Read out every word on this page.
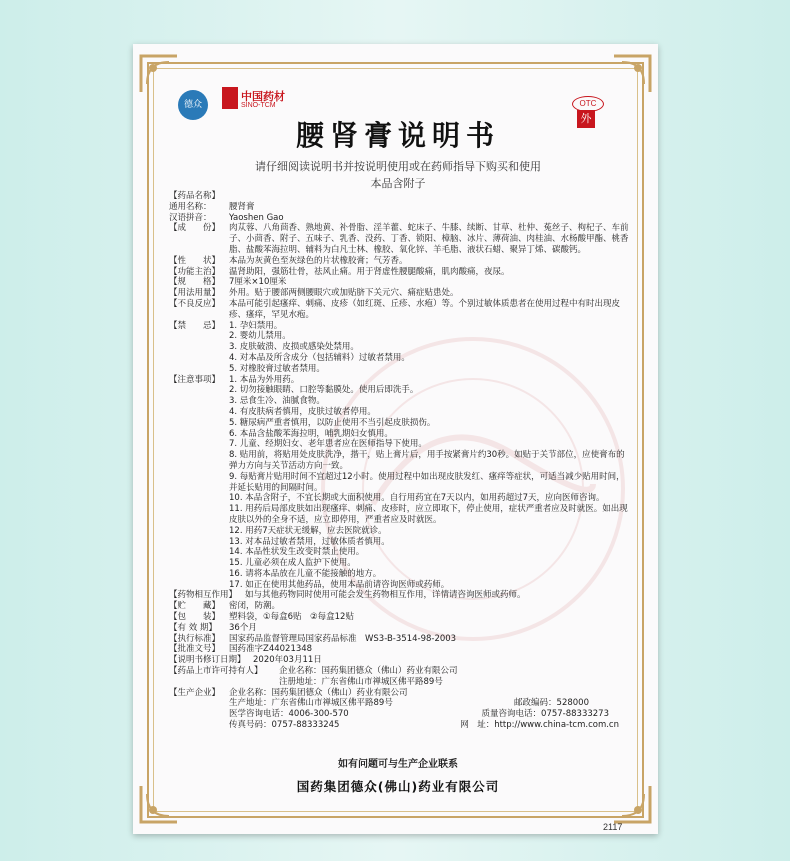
德众
中国药材
SINO-TCM	OTC
外
腰肾膏说明书
请仔细阅读说明书并按说明使用或在药师指导下购买和使用
本品含附子
【药品名称】
通用名称：	腰肾膏
汉语拼音：	Yaoshen Gao
【成　　份】	肉苁蓉、八角茴香、熟地黄、补骨脂、淫羊藿、蛇床子、牛膝、续断、甘草、杜仲、菟丝子、枸杞子、车前子、小茴香、附子、五味子、乳香、没药、丁香、锁阳、樟脑、冰片、薄荷油、肉桂油、水杨酸甲酯、桃香脂、盐酸苯海拉明、辅料为白凡士林、橡胶、氧化锌、羊毛脂、液状石蜡、聚异丁烯、碳酸钙。
【性　　状】	本品为灰黄色至灰绿色的片状橡胶膏；气芳香。
【功能主治】	温肾助阳，强筋壮骨，祛风止痛。用于肾虚性腰腿酸痛，肌肉酸痛，夜尿。
【规　　格】	7厘米×10厘米
【用法用量】	外用。贴于腰部两侧腰眼穴或加贴脐下关元穴、痛症贴患处。
【不良反应】	本品可能引起瘙痒、刺痛、皮疹（如红斑、丘疹、水疱）等。个别过敏体质患者在使用过程中有时出现皮疹、瘙痒，罕见水疱。
【禁　　忌】	1. 孕妇禁用。
2. 婴幼儿禁用。
3. 皮肤破溃、皮损或感染处禁用。
4. 对本品及所含成分（包括辅料）过敏者禁用。
5. 对橡胶膏过敏者禁用。
【注意事项】	1. 本品为外用药。
2. 切勿接触眼睛、口腔等黏膜处。使用后即洗手。
3. 忌食生冷、油腻食物。
4. 有皮肤病者慎用，皮肤过敏者停用。
5. 糖尿病严重者慎用，以防止使用不当引起皮肤损伤。
6. 本品含盐酸苯海拉明，哺乳期妇女慎用。
7. 儿童、经期妇女、老年患者应在医师指导下使用。
8. 贴用前，将贴用处皮肤洗净，揩干，贴上膏片后，用手按紧膏片约30秒。如贴于关节部位，应使膏布的弹力方向与关节活动方向一致。
9. 每贴膏片贴用时间不宜超过12小时。使用过程中如出现皮肤发红、瘙痒等症状，可适当减少贴用时间，并延长贴用的间隔时间。
10. 本品含附子，不宜长期或大面积使用。自行用药宜在7天以内，如用药超过7天，应向医师咨询。
11. 用药后局部皮肤如出现瘙痒、刺痛、皮疹时，应立即取下，停止使用，症状严重者应及时就医。如出现皮肤以外的全身不适，应立即停用，严重者应及时就医。
12. 用药7天症状无缓解，应去医院就诊。
13. 对本品过敏者禁用，过敏体质者慎用。
14. 本品性状发生改变时禁止使用。
15. 儿童必须在成人监护下使用。
16. 请将本品放在儿童不能接触的地方。
17. 如正在使用其他药品，使用本品前请咨询医师或药师。
【药物相互作用】 如与其他药物同时使用可能会发生药物相互作用，详情请咨询医师或药师。
【贮　　藏】	密闭，防潮。
【包　　装】	塑料袋，①每盒6贴　②每盒12贴
【有 效 期】	36个月
【执行标准】	国家药品监督管理局国家药品标准　WS3-B-3514-98-2003
【批准文号】	国药准字Z44021348
【说明书修订日期】 2020年03月11日
【药品上市许可持有人】	企业名称： 国药集团德众（佛山）药业有限公司
注册地址：广东省佛山市禅城区佛平路89号
【生产企业】	企业名称： 国药集团德众（佛山）药业有限公司
生产地址：广东省佛山市禅城区佛平路89号	邮政编码：528000
医学咨询电话：4006-300-570	质量咨询电话：0757-88333273
传真号码：0757-88333245	网　址：http://www.china-tcm.com.cn
如有问题可与生产企业联系
国药集团德众(佛山)药业有限公司
2117
